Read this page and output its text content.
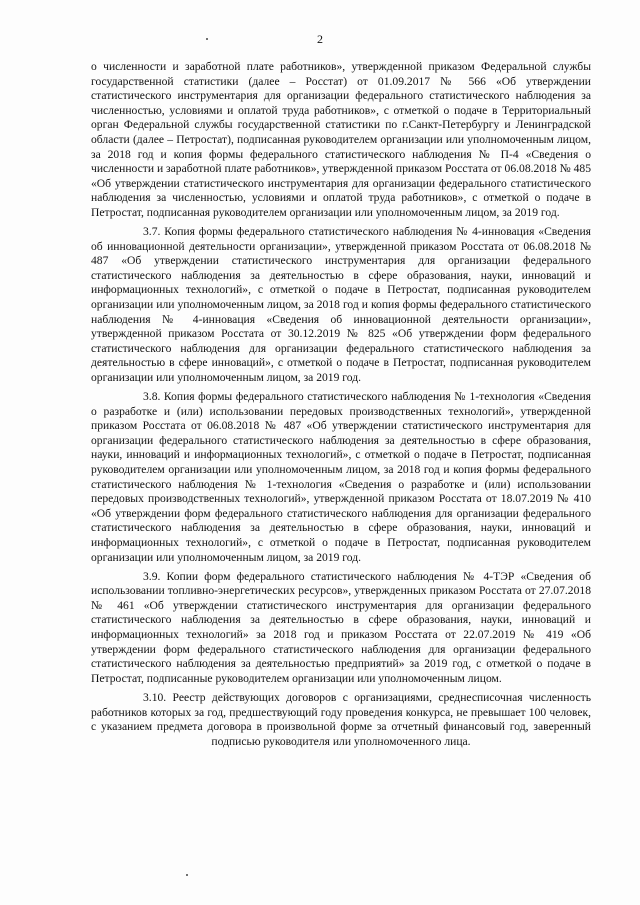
2

о численности и заработной плате работников», утвержденной приказом Федеральной службы государственной статистики (далее – Росстат) от 01.09.2017 № 566 «Об утверждении статистического инструментария для организации федерального статистического наблюдения за численностью, условиями и оплатой труда работников», с отметкой о подаче в Территориальный орган Федеральной службы государственной статистики по г.Санкт-Петербургу и Ленинградской области (далее – Петростат), подписанная руководителем организации или уполномоченным лицом, за 2018 год и копия формы федерального статистического наблюдения № П-4 «Сведения о численности и заработной плате работников», утвержденной приказом Росстата от 06.08.2018 № 485 «Об утверждении статистического инструментария для организации федерального статистического наблюдения за численностью, условиями и оплатой труда работников», с отметкой о подаче в Петростат, подписанная руководителем организации или уполномоченным лицом, за 2019 год.

3.7. Копия формы федерального статистического наблюдения № 4-инновация «Сведения об инновационной деятельности организации», утвержденной приказом Росстата от 06.08.2018 № 487 «Об утверждении статистического инструментария для организации федерального статистического наблюдения за деятельностью в сфере образования, науки, инноваций и информационных технологий», с отметкой о подаче в Петростат, подписанная руководителем организации или уполномоченным лицом, за 2018 год и копия формы федерального статистического наблюдения № 4-инновация «Сведения об инновационной деятельности организации», утвержденной приказом Росстата от 30.12.2019 № 825 «Об утверждении форм федерального статистического наблюдения для организации федерального статистического наблюдения за деятельностью в сфере инноваций», с отметкой о подаче в Петростат, подписанная руководителем организации или уполномоченным лицом, за 2019 год.

3.8. Копия формы федерального статистического наблюдения № 1-технология «Сведения о разработке и (или) использовании передовых производственных технологий», утвержденной приказом Росстата от 06.08.2018 № 487 «Об утверждении статистического инструментария для организации федерального статистического наблюдения за деятельностью в сфере образования, науки, инноваций и информационных технологий», с отметкой о подаче в Петростат, подписанная руководителем организации или уполномоченным лицом, за 2018 год и копия формы федерального статистического наблюдения № 1-технология «Сведения о разработке и (или) использовании передовых производственных технологий», утвержденной приказом Росстата от 18.07.2019 № 410 «Об утверждении форм федерального статистического наблюдения для организации федерального статистического наблюдения за деятельностью в сфере образования, науки, инноваций и информационных технологий», с отметкой о подаче в Петростат, подписанная руководителем организации или уполномоченным лицом, за 2019 год.

3.9. Копии форм федерального статистического наблюдения № 4-ТЭР «Сведения об использовании топливно-энергетических ресурсов», утвержденных приказом Росстата от 27.07.2018 № 461 «Об утверждении статистического инструментария для организации федерального статистического наблюдения за деятельностью в сфере образования, науки, инноваций и информационных технологий» за 2018 год и приказом Росстата от 22.07.2019 № 419 «Об утверждении форм федерального статистического наблюдения для организации федерального статистического наблюдения за деятельностью предприятий» за 2019 год, с отметкой о подаче в Петростат, подписанные руководителем организации или уполномоченным лицом.

3.10. Реестр действующих договоров с организациями, среднесписочная численность работников которых за год, предшествующий году проведения конкурса, не превышает 100 человек, с указанием предмета договора в произвольной форме за отчетный финансовый год, заверенный подписью руководителя или уполномоченного лица.
